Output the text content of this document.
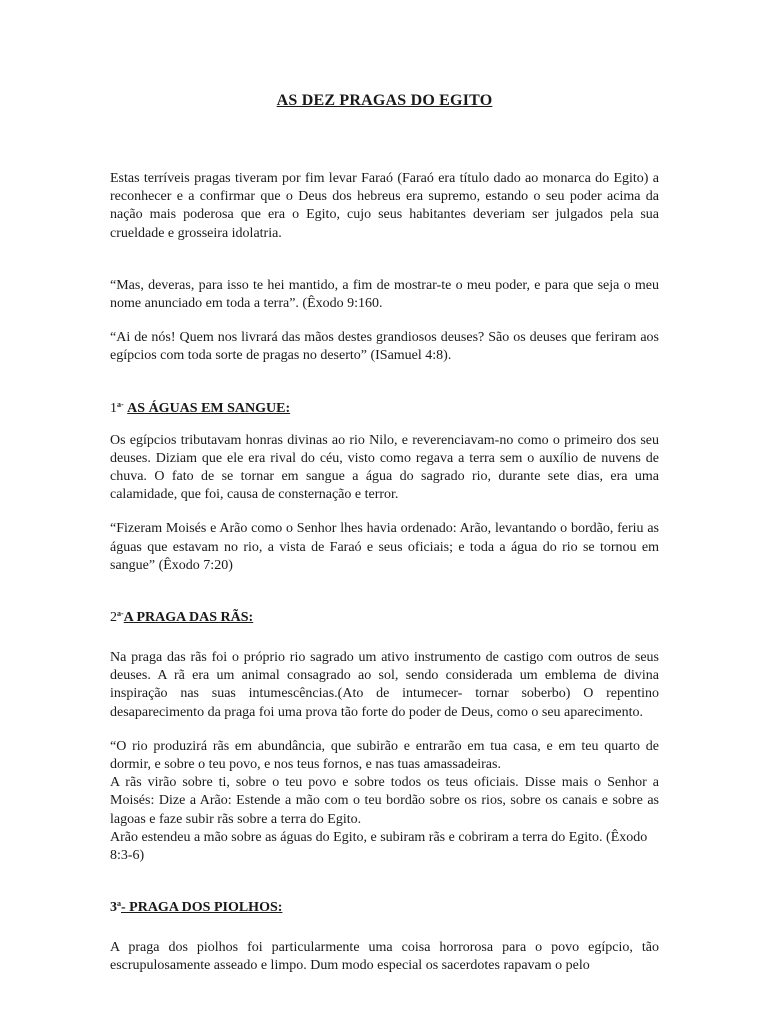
AS DEZ PRAGAS DO EGITO

Estas terríveis pragas tiveram por fim levar Faraó (Faraó era título dado ao monarca do Egito) a reconhecer e a confirmar que o Deus dos hebreus era supremo, estando o seu poder acima da nação mais poderosa que era o Egito, cujo seus habitantes deveriam ser julgados pela sua crueldade e grosseira idolatria.

“Mas, deveras, para isso te hei mantido, a fim de mostrar-te o meu poder, e para que seja o meu nome anunciado em toda a terra”. (Êxodo 9:160.

“Ai de nós! Quem nos livrará das mãos destes grandiosos deuses? São os deuses que feriram aos egípcios com toda sorte de pragas no deserto” (ISamuel 4:8).

$1^{a-}$ AS ÁGUAS EM SANGUE:

Os egípcios tributavam honras divinas ao rio Nilo, e reverenciavam-no como o primeiro dos seu deuses. Diziam que ele era rival do céu, visto como regava a terra sem o auxílio de nuvens de chuva. O fato de se tornar em sangue a água do sagrado rio, durante sete dias, era uma calamidade, que foi, causa de consternação e terror.

“Fizeram Moisés e Arão como o Senhor lhes havia ordenado: Arão, levantando o bordão, feriu as águas que estavam no rio, a vista de Faraó e seus oficiais; e toda a água do rio se tornou em sangue” (Êxodo 7:20)

$2^{a-}A$ PRAGA DAS RÃS:

Na praga das rãs foi o próprio rio sagrado um ativo instrumento de castigo com outros de seus deuses. A rã era um animal consagrado ao sol, sendo considerada um emblema de divina inspiração nas suas intumescências.(Ato de intumecer- tornar soberbo) O repentino desaparecimento da praga foi uma prova tão forte do poder de Deus, como o seu aparecimento.

“O rio produzirá rãs em abundância, que subirão e entrarão em tua casa, e em teu quarto de dormir, e sobre o teu povo, e nos teus fornos, e nas tuas amassadeiras.

A rãs virão sobre ti, sobre o teu povo e sobre todos os teus oficiais. Disse mais o Senhor a Moisés: Dize a Arão: Estende a mão com o teu bordão sobre os rios, sobre os canais e sobre as lagoas e faze subir rãs sobre a terra do Egito.

Arão estendeu a mão sobre as águas do Egito, e subiram rãs e cobriram a terra do Egito. (Êxodo 8:3-6)

3$^a$- PRAGA DOS PIOLHOS:

A praga dos piolhos foi particularmente uma coisa horrorosa para o povo egípcio, tão escrupulosamente asseado e limpo. Dum modo especial os sacerdotes rapavam o pelo
